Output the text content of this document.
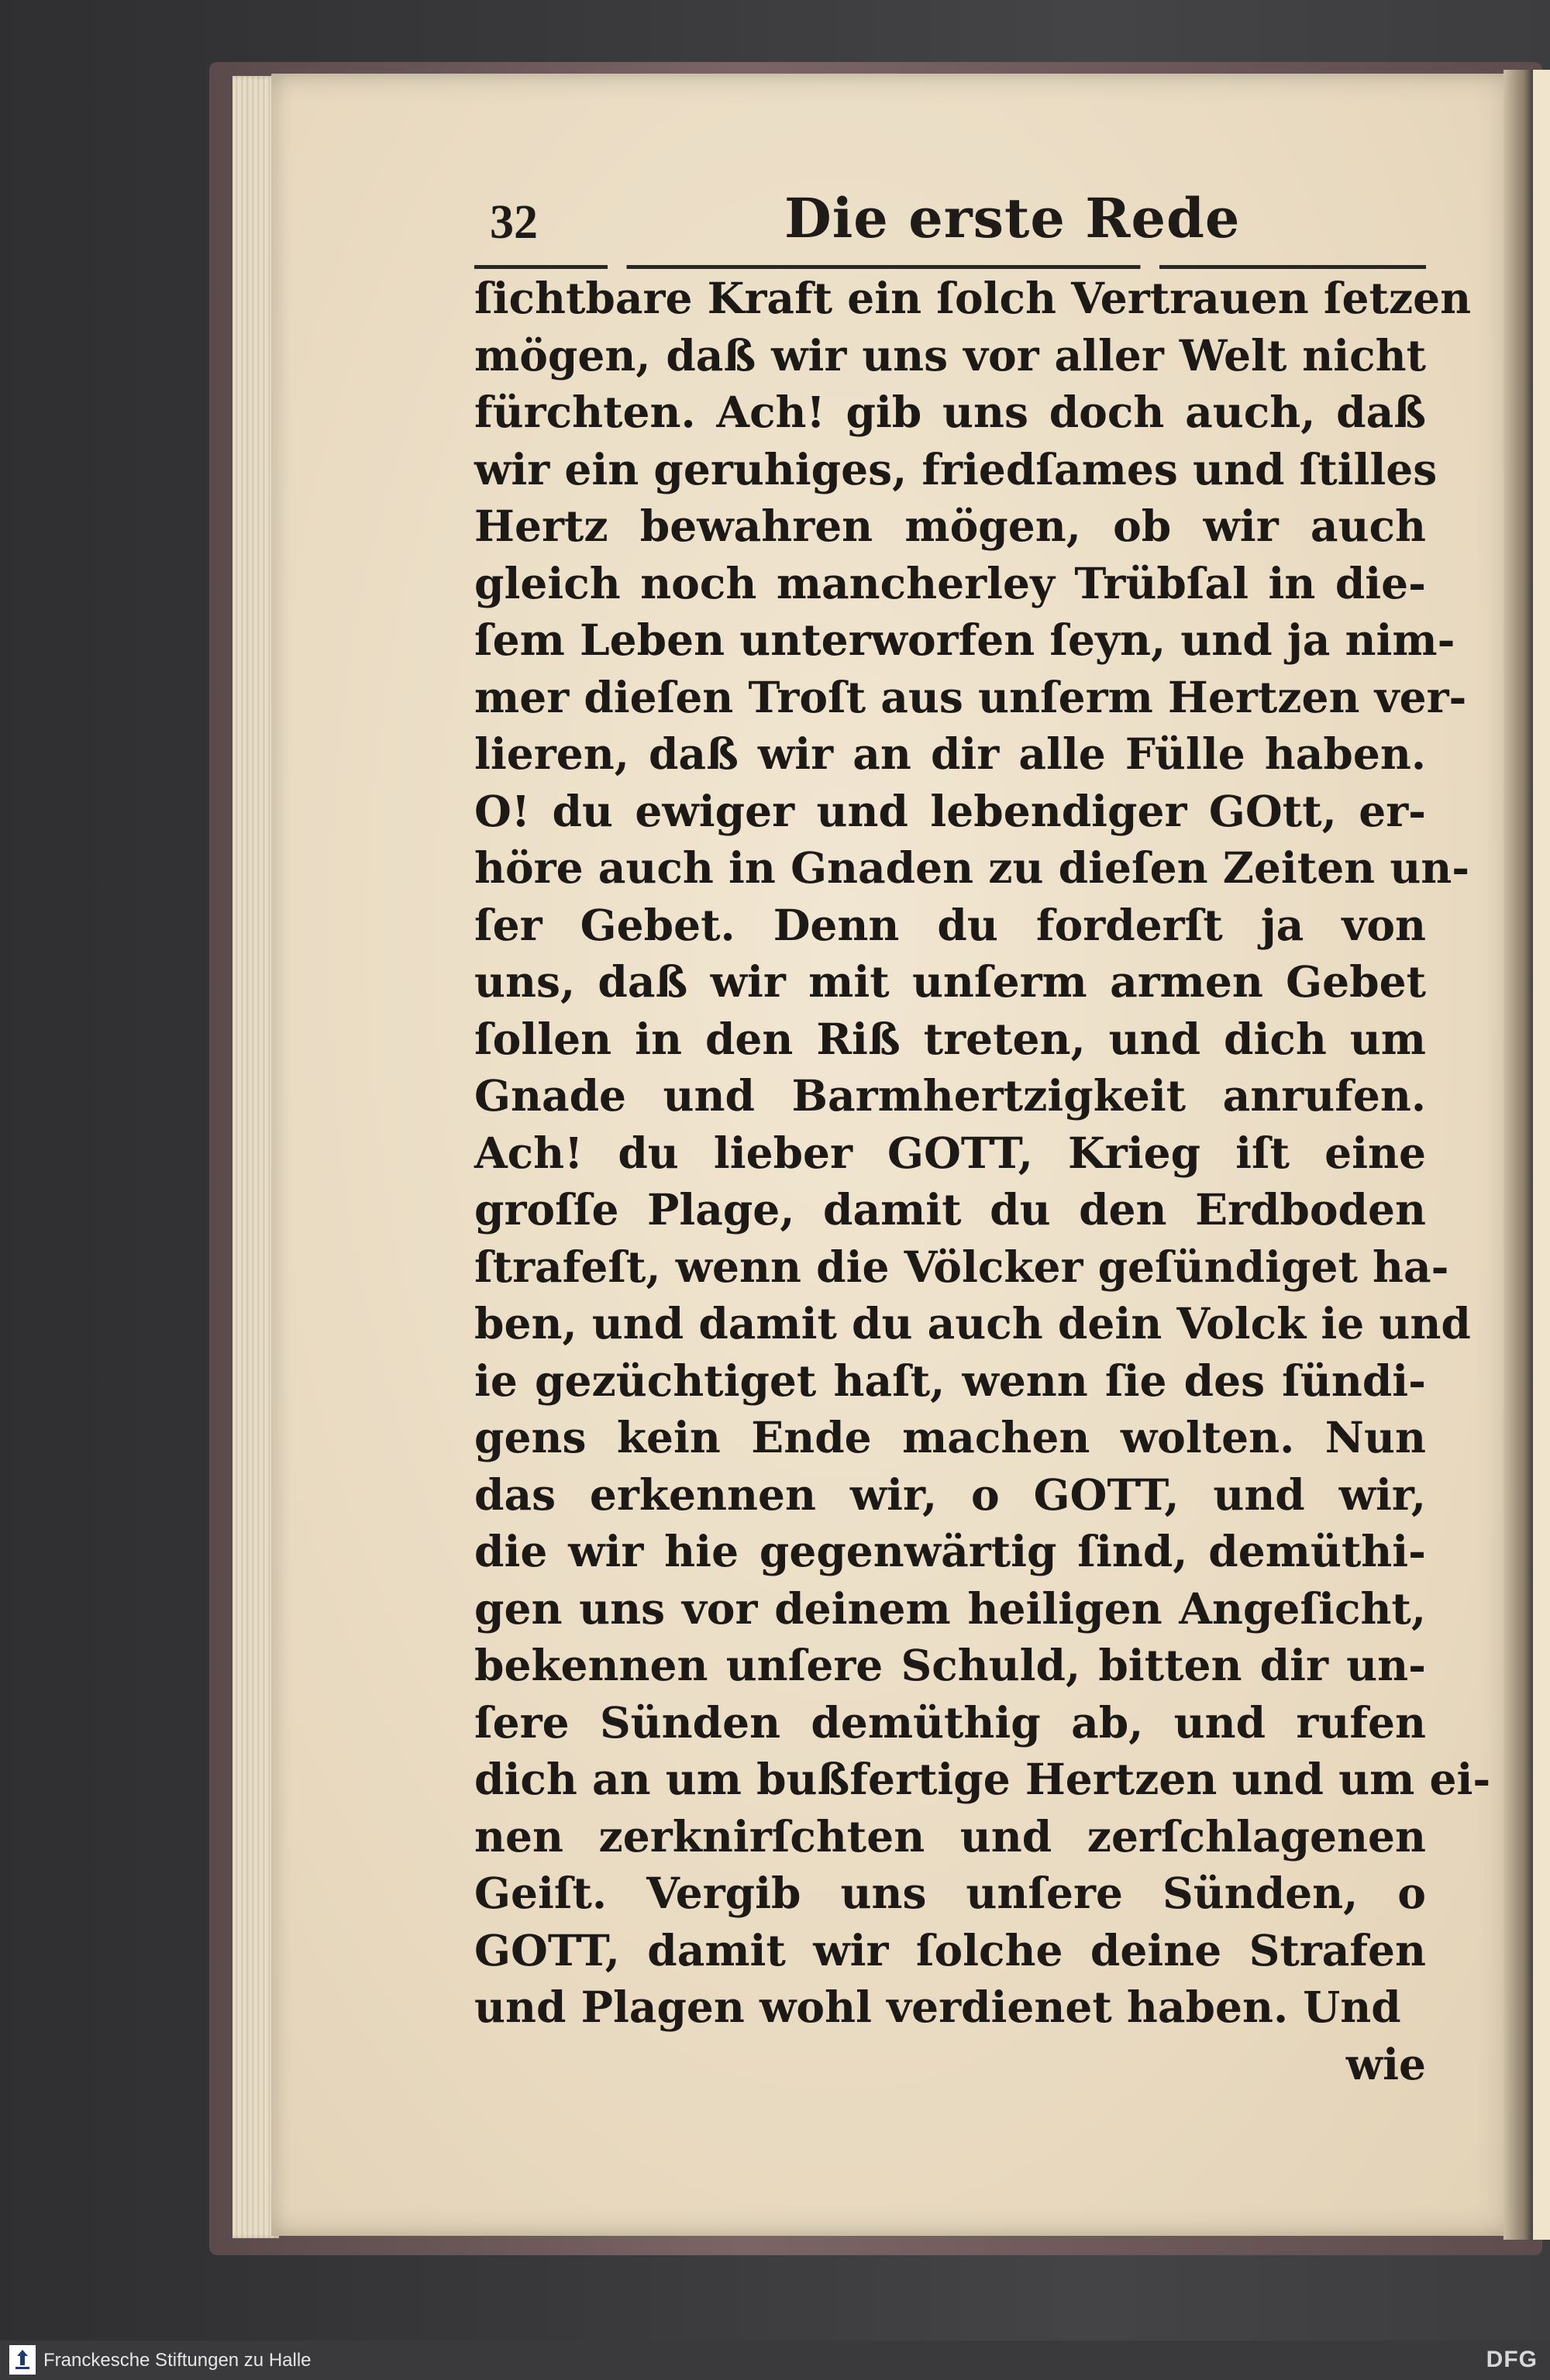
32	Die erste Rede
ſichtbare Kraft ein ſolch Vertrauen ſetzen
mögen, daß wir uns vor aller Welt nicht
fürchten. Ach! gib uns doch auch, daß
wir ein geruhiges, friedſames und ſtilles
Hertz bewahren mögen, ob wir auch
gleich noch mancherley Trübſal in die-
ſem Leben unterworfen ſeyn, und ja nim-
mer dieſen Troſt aus unſerm Hertzen ver-
lieren, daß wir an dir alle Fülle haben.
O! du ewiger und lebendiger GOtt, er-
höre auch in Gnaden zu dieſen Zeiten un-
ſer Gebet. Denn du forderſt ja von
uns, daß wir mit unſerm armen Gebet
ſollen in den Riß treten, und dich um
Gnade und Barmhertzigkeit anrufen.
Ach! du lieber GOTT, Krieg iſt eine
groſſe Plage, damit du den Erdboden
ſtrafeſt, wenn die Völcker geſündiget ha-
ben, und damit du auch dein Volck ie und
ie gezüchtiget haſt, wenn ſie des ſündi-
gens kein Ende machen wolten. Nun
das erkennen wir, o GOTT, und wir,
die wir hie gegenwärtig ſind, demüthi-
gen uns vor deinem heiligen Angeſicht,
bekennen unſere Schuld, bitten dir un-
ſere Sünden demüthig ab, und rufen
dich an um bußfertige Hertzen und um ei-
nen zerknirſchten und zerſchlagenen
Geiſt. Vergib uns unſere Sünden, o
GOTT, damit wir ſolche deine Strafen
und Plagen wohl verdienet haben. Und
wie
Franckesche Stiftungen zu Halle	DFG
